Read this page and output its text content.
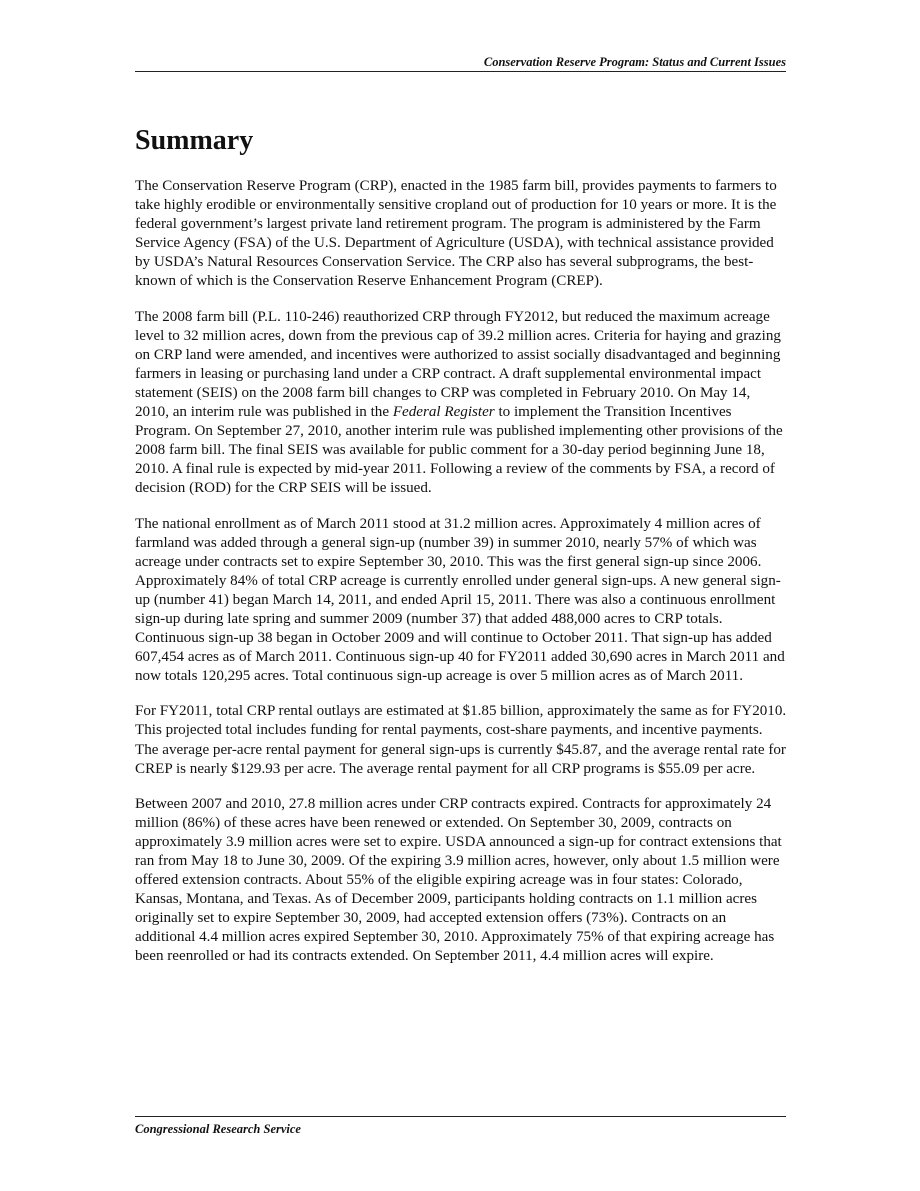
Conservation Reserve Program: Status and Current Issues
Summary

The Conservation Reserve Program (CRP), enacted in the 1985 farm bill, provides payments to farmers to take highly erodible or environmentally sensitive cropland out of production for 10 years or more. It is the federal government’s largest private land retirement program. The program is administered by the Farm Service Agency (FSA) of the U.S. Department of Agriculture (USDA), with technical assistance provided by USDA’s Natural Resources Conservation Service. The CRP also has several subprograms, the best-known of which is the Conservation Reserve Enhancement Program (CREP).

The 2008 farm bill (P.L. 110-246) reauthorized CRP through FY2012, but reduced the maximum acreage level to 32 million acres, down from the previous cap of 39.2 million acres. Criteria for haying and grazing on CRP land were amended, and incentives were authorized to assist socially disadvantaged and beginning farmers in leasing or purchasing land under a CRP contract. A draft supplemental environmental impact statement (SEIS) on the 2008 farm bill changes to CRP was completed in February 2010. On May 14, 2010, an interim rule was published in the Federal Register to implement the Transition Incentives Program. On September 27, 2010, another interim rule was published implementing other provisions of the 2008 farm bill. The final SEIS was available for public comment for a 30-day period beginning June 18, 2010. A final rule is expected by mid-year 2011. Following a review of the comments by FSA, a record of decision (ROD) for the CRP SEIS will be issued.

The national enrollment as of March 2011 stood at 31.2 million acres. Approximately 4 million acres of farmland was added through a general sign-up (number 39) in summer 2010, nearly 57% of which was acreage under contracts set to expire September 30, 2010. This was the first general sign-up since 2006. Approximately 84% of total CRP acreage is currently enrolled under general sign-ups. A new general sign-up (number 41) began March 14, 2011, and ended April 15, 2011. There was also a continuous enrollment sign-up during late spring and summer 2009 (number 37) that added 488,000 acres to CRP totals. Continuous sign-up 38 began in October 2009 and will continue to October 2011. That sign-up has added 607,454 acres as of March 2011. Continuous sign-up 40 for FY2011 added 30,690 acres in March 2011 and now totals 120,295 acres. Total continuous sign-up acreage is over 5 million acres as of March 2011.

For FY2011, total CRP rental outlays are estimated at $1.85 billion, approximately the same as for FY2010. This projected total includes funding for rental payments, cost-share payments, and incentive payments. The average per-acre rental payment for general sign-ups is currently $45.87, and the average rental rate for CREP is nearly $129.93 per acre. The average rental payment for all CRP programs is $55.09 per acre.

Between 2007 and 2010, 27.8 million acres under CRP contracts expired. Contracts for approximately 24 million (86%) of these acres have been renewed or extended. On September 30, 2009, contracts on approximately 3.9 million acres were set to expire. USDA announced a sign-up for contract extensions that ran from May 18 to June 30, 2009. Of the expiring 3.9 million acres, however, only about 1.5 million were offered extension contracts. About 55% of the eligible expiring acreage was in four states: Colorado, Kansas, Montana, and Texas. As of December 2009, participants holding contracts on 1.1 million acres originally set to expire September 30, 2009, had accepted extension offers (73%). Contracts on an additional 4.4 million acres expired September 30, 2010. Approximately 75% of that expiring acreage has been reenrolled or had its contracts extended. On September 2011, 4.4 million acres will expire.

Congressional Research Service
